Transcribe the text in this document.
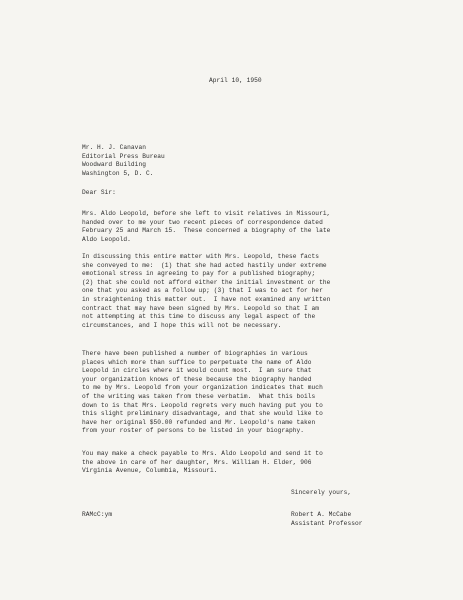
April 10, 1950
Mr. H. J. Canavan
Editorial Press Bureau
Woodward Building
Washington 5, D. C.
Dear Sir:
Mrs. Aldo Leopold, before she left to visit relatives in Missouri,
handed over to me your two recent pieces of correspondence dated
February 25 and March 15.  These concerned a biography of the late
Aldo Leopold.
In discussing this entire matter with Mrs. Leopold, these facts
she conveyed to me:  (1) that she had acted hastily under extreme
emotional stress in agreeing to pay for a published biography;
(2) that she could not afford either the initial investment or the
one that you asked as a follow up; (3) that I was to act for her
in straightening this matter out.  I have not examined any written
contract that may have been signed by Mrs. Leopold so that I am
not attempting at this time to discuss any legal aspect of the
circumstances, and I hope this will not be necessary.
There have been published a number of biographies in various
places which more than suffice to perpetuate the name of Aldo
Leopold in circles where it would count most.  I am sure that
your organization knows of these because the biography handed
to me by Mrs. Leopold from your organization indicates that much
of the writing was taken from these verbatim.  What this boils
down to is that Mrs. Leopold regrets very much having put you to
this slight preliminary disadvantage, and that she would like to
have her original $50.00 refunded and Mr. Leopold's name taken
from your roster of persons to be listed in your biography.
You may make a check payable to Mrs. Aldo Leopold and send it to
the above in care of her daughter, Mrs. William H. Elder, 906
Virginia Avenue, Columbia, Missouri.
Sincerely yours,
RAMcC:ym	Robert A. McCabe
Assistant Professor
